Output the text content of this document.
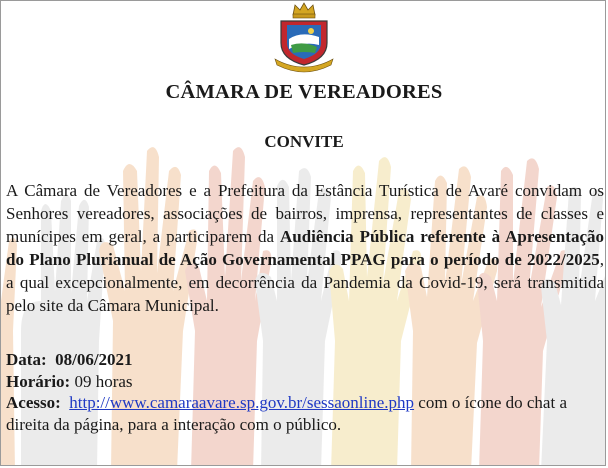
CÂMARA DE VEREADORES
CONVITE
A Câmara de Vereadores e a Prefeitura da Estância Turística de Avaré convidam os Senhores vereadores, associações de bairros, imprensa, representantes de classes e munícipes em geral, a participarem da Audiência Pública referente à Apresentação do Plano Plurianual de Ação Governamental PPAG para o período de 2022/2025, a qual excepcionalmente, em decorrência da Pandemia da Covid-19, será transmitida pelo site da Câmara Municipal.
Data: 08/06/2021
Horário: 09 horas
Acesso: http://www.camaraavare.sp.gov.br/sessaonline.php com o ícone do chat a direita da página, para a interação com o público.
